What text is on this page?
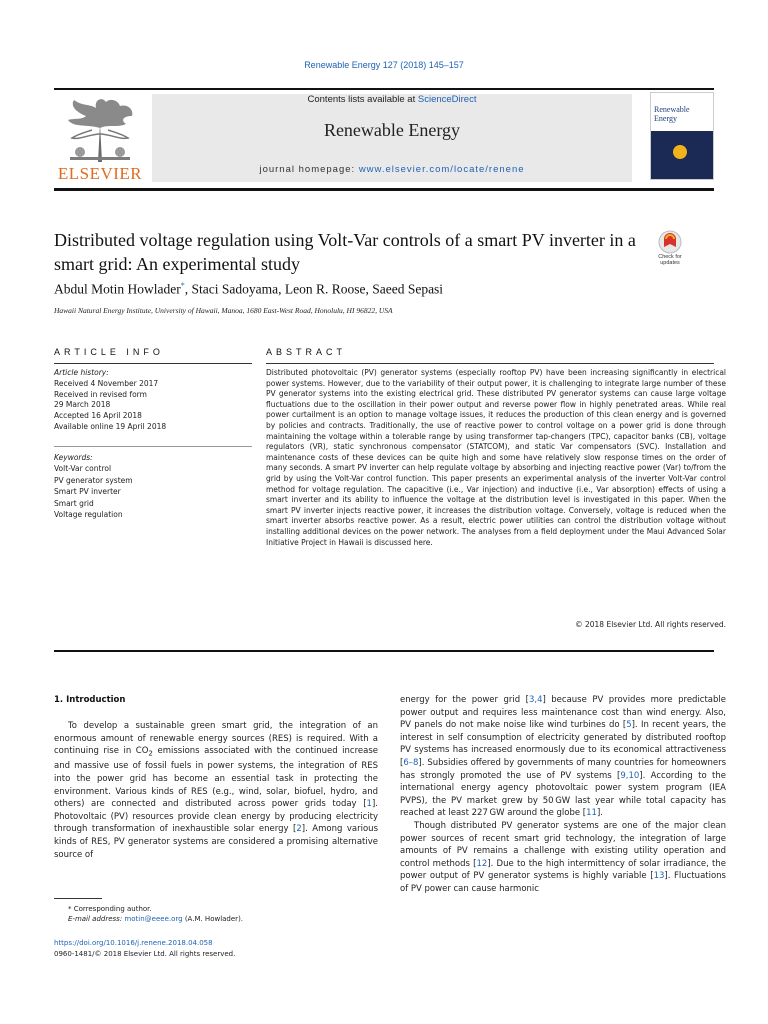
Renewable Energy 127 (2018) 145–157
ELSEVIER
Contents lists available at ScienceDirect
Renewable Energy
journal homepage: www.elsevier.com/locate/renene
Renewable Energy
Distributed voltage regulation using Volt-Var controls of a smart PV inverter in a smart grid: An experimental study	Check for updates
Abdul Motin Howlader*, Staci Sadoyama, Leon R. Roose, Saeed Sepasi
Hawaii Natural Energy Institute, University of Hawaii, Manoa, 1680 East-West Road, Honolulu, HI 96822, USA
ARTICLE INFO	ABSTRACT
Article history:
Received 4 November 2017
Received in revised form
29 March 2018
Accepted 16 April 2018
Available online 19 April 2018
Keywords:
Volt-Var control
PV generator system
Smart PV inverter
Smart grid
Voltage regulation
Distributed photovoltaic (PV) generator systems (especially rooftop PV) have been increasing significantly in electrical power systems. However, due to the variability of their output power, it is challenging to integrate large number of these PV generator systems into the existing electrical grid. These distributed PV generator systems can cause large voltage fluctuations due to the oscillation in their power output and reverse power flow in highly penetrated areas. While real power curtailment is an option to manage voltage issues, it reduces the production of this clean energy and is governed by policies and contracts. Traditionally, the use of reactive power to control voltage on a power grid is done through maintaining the voltage within a tolerable range by using transformer tap-changers (TPC), capacitor banks (CB), voltage regulators (VR), static synchronous compensator (STATCOM), and static Var compensators (SVC). Installation and maintenance costs of these devices can be quite high and some have relatively slow response times on the order of many seconds. A smart PV inverter can help regulate voltage by absorbing and injecting reactive power (Var) to/from the grid by using the Volt-Var control function. This paper presents an experimental analysis of the inverter Volt-Var control method for voltage regulation. The capacitive (i.e., Var injection) and inductive (i.e., Var absorption) effects of using a smart inverter and its ability to influence the voltage at the distribution level is investigated in this paper. When the smart PV inverter injects reactive power, it increases the distribution voltage. Conversely, voltage is reduced when the smart inverter absorbs reactive power. As a result, electric power utilities can control the distribution voltage without installing additional devices on the power network. The analyses from a field deployment under the Maui Advanced Solar Initiative Project in Hawaii is discussed here.
© 2018 Elsevier Ltd. All rights reserved.
1. Introduction
To develop a sustainable green smart grid, the integration of an enormous amount of renewable energy sources (RES) is required. With a continuing rise in $CO_2$ emissions associated with the continued increase and massive use of fossil fuels in power systems, the integration of RES into the power grid has become an essential task in protecting the environment. Various kinds of RES (e.g., wind, solar, biofuel, hydro, and others) are connected and distributed across power grids today [1]. Photovoltaic (PV) resources provide clean energy by producing electricity through transformation of inexhaustible solar energy [2]. Among various kinds of RES, PV generator systems are considered a promising alternative source of
energy for the power grid [3,4] because PV provides more predictable power output and requires less maintenance cost than wind energy. Also, PV panels do not make noise like wind turbines do [5]. In recent years, the interest in self consumption of electricity generated by distributed rooftop PV systems has increased enormously due to its economical attractiveness [6–8]. Subsidies offered by governments of many countries for homeowners has strongly promoted the use of PV systems [9,10]. According to the international energy agency photovoltaic power system program (IEA PVPS), the PV market grew by 50 GW last year while total capacity has reached at least 227 GW around the globe [11].
Though distributed PV generator systems are one of the major clean power sources of recent smart grid technology, the integration of large amounts of PV remains a challenge with existing utility operation and control methods [12]. Due to the high intermittency of solar irradiance, the power output of PV generator systems is highly variable [13]. Fluctuations of PV power can cause harmonic
* Corresponding author.
E-mail address: motin@eeee.org (A.M. Howlader).
https://doi.org/10.1016/j.renene.2018.04.058
0960-1481/© 2018 Elsevier Ltd. All rights reserved.
